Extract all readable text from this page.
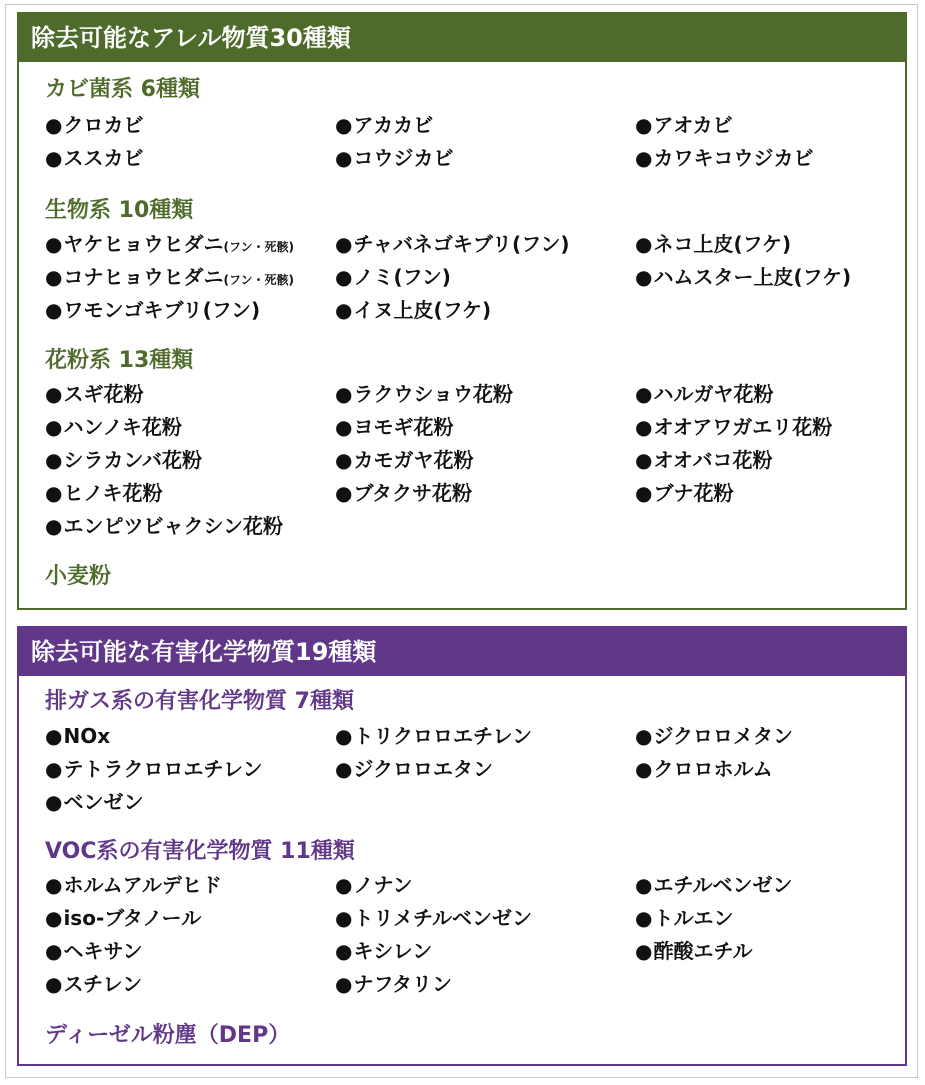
除去可能なアレル物質30種類
カビ菌系 6種類
●クロカビ	●アカカビ	●アオカビ
●ススカビ	●コウジカビ	●カワキコウジカビ
生物系 10種類
●ヤケヒョウヒダニ(フン・死骸) ●チャバネゴキブリ(フン)	●ネコ上皮(フケ)
●コナヒョウヒダニ(フン・死骸) ●ノミ(フン)	●ハムスター上皮(フケ)
●ワモンゴキブリ(フン)	●イヌ上皮(フケ)
花粉系 13種類
●スギ花粉	●ラクウショウ花粉	●ハルガヤ花粉
●ハンノキ花粉	●ヨモギ花粉	●オオアワガエリ花粉
●シラカンバ花粉	●カモガヤ花粉	●オオバコ花粉
●ヒノキ花粉	●ブタクサ花粉	●ブナ花粉
●エンピツビャクシン花粉
小麦粉
除去可能な有害化学物質19種類
排ガス系の有害化学物質 7種類
●NOx	●トリクロロエチレン	●ジクロロメタン
●テトラクロロエチレン	●ジクロロエタン	●クロロホルム
●ベンゼン
VOC系の有害化学物質 11種類
●ホルムアルデヒド	●ノナン	●エチルベンゼン
●iso-ブタノール	●トリメチルベンゼン	●トルエン
●ヘキサン	●キシレン	●酢酸エチル
●スチレン	●ナフタリン
ディーゼル粉塵（DEP）
